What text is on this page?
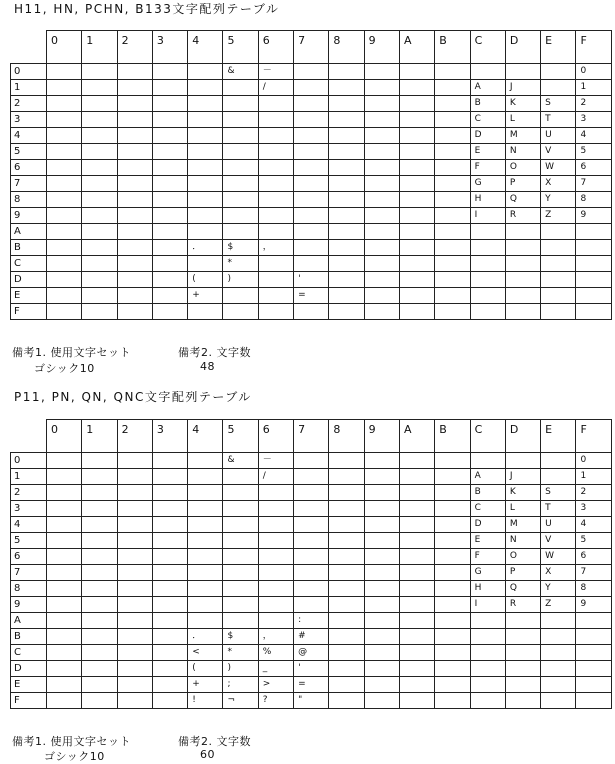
H11, HN, PCHN, B133文字配列テーブル
	0	1	2	3	4	5	6	7	8	9	A	B	C	D	E	F
0						&	－									0
1							/						A	J		1
2													B	K	S	2
3													C	L	T	3
4													D	M	U	4
5													E	N	V	5
6													F	O	W	6
7													G	P	X	7
8													H	Q	Y	8
9													I	R	Z	9
A																
B					．	$	，									
C						*										
D					(	)		'								
E					+			=								
F																
備考1. 使用文字セット	備考2. 文字数
ゴシック10	48
P11, PN, QN, QNC文字配列テーブル
	0	1	2	3	4	5	6	7	8	9	A	B	C	D	E	F
0						&	－									0
1							/						A	J		1
2													B	K	S	2
3													C	L	T	3
4													D	M	U	4
5													E	N	V	5
6													F	O	W	6
7													G	P	X	7
8													H	Q	Y	8
9													I	R	Z	9
A								:								
B					．	$	，	#								
C					<	*	%	@								
D					(	)	_	'								
E					+	;	>	=								
F					!	¬	?	"								
備考1. 使用文字セット	備考2. 文字数
ゴシック10	60
